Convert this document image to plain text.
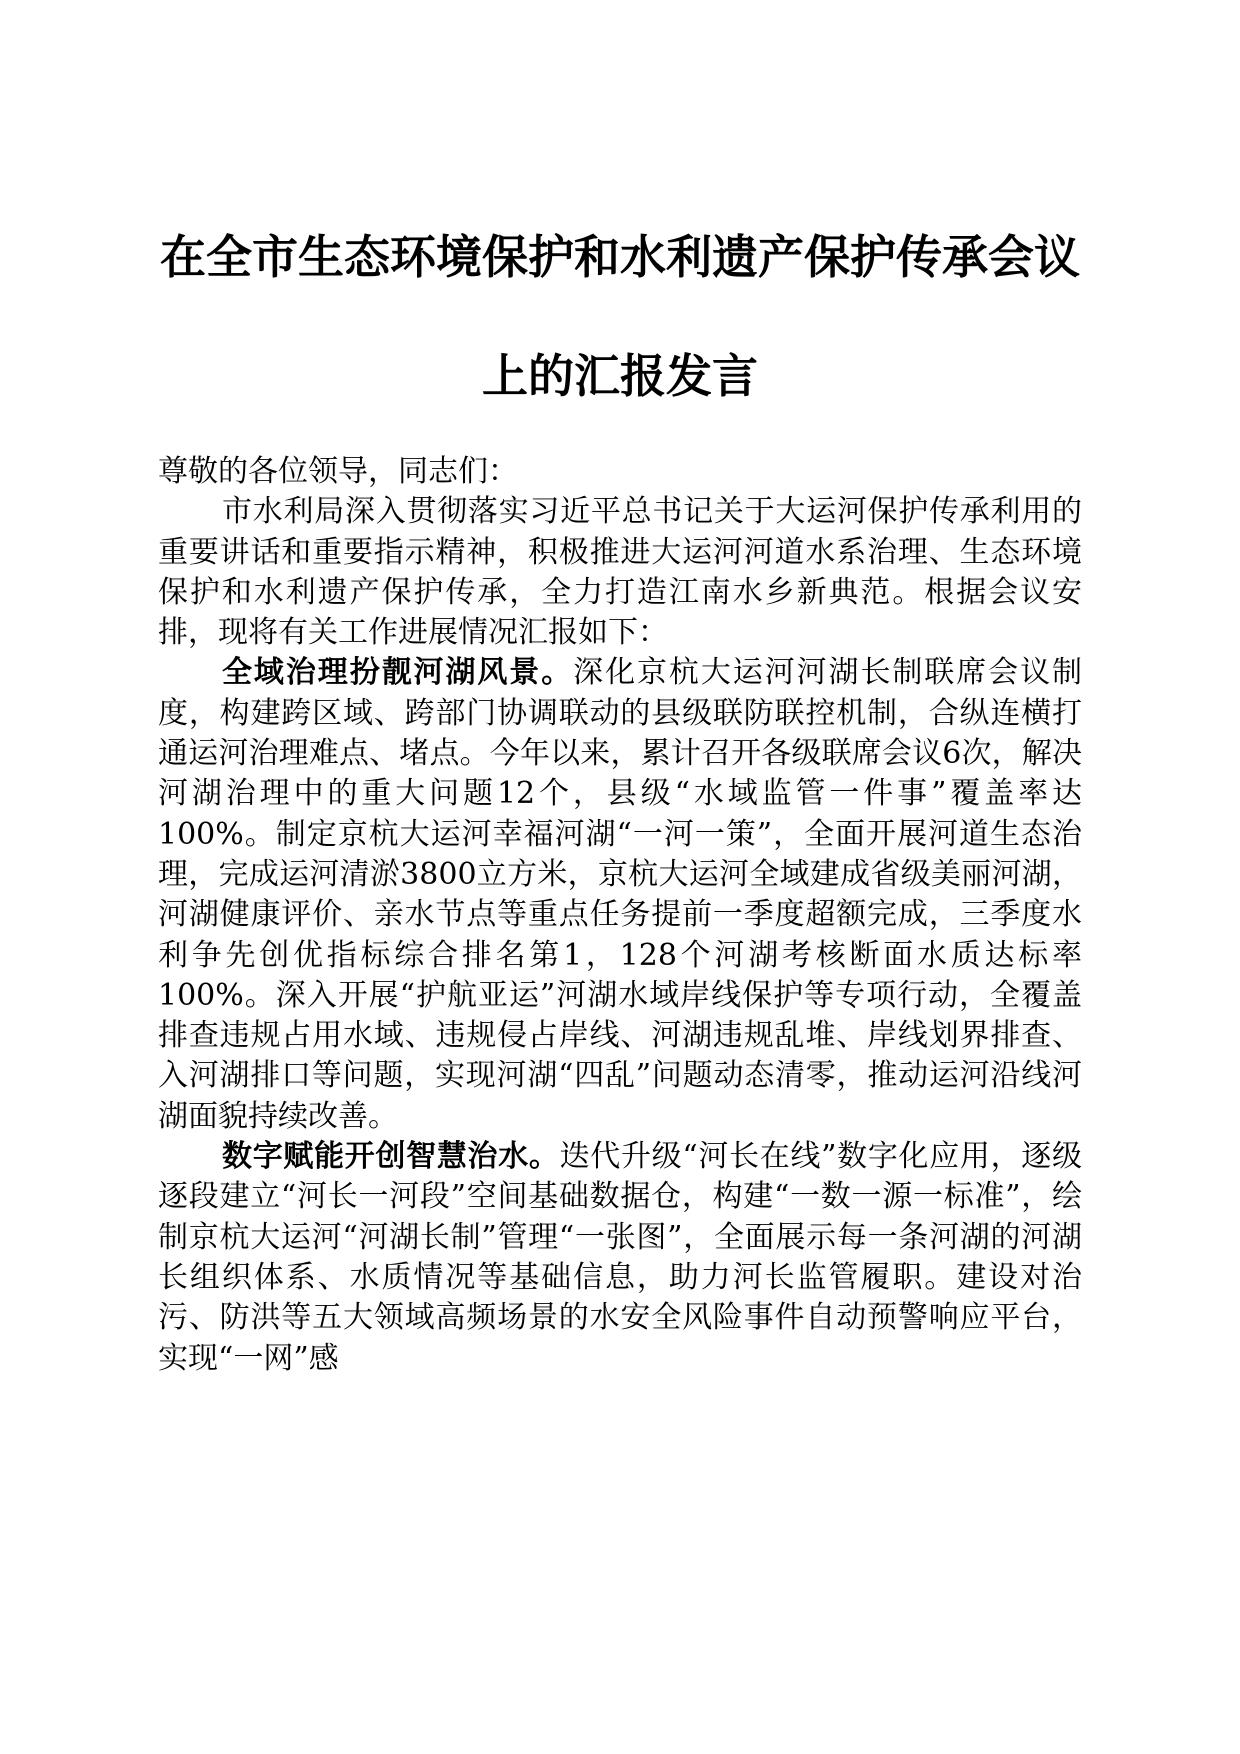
在全市生态环境保护和水利遗产保护传承会议
上的汇报发言

尊敬的各位领导，同志们：

市水利局深入贯彻落实习近平总书记关于大运河保护传承利用的重要讲话和重要指示精神，积极推进大运河河道水系治理、生态环境保护和水利遗产保护传承，全力打造江南水乡新典范。根据会议安排，现将有关工作进展情况汇报如下：

全域治理扮靓河湖风景。深化京杭大运河河湖长制联席会议制度，构建跨区域、跨部门协调联动的县级联防联控机制，合纵连横打通运河治理难点、堵点。今年以来，累计召开各级联席会议6次，解决河湖治理中的重大问题12个，县级“水域监管一件事”覆盖率达100%。制定京杭大运河幸福河湖“一河一策”，全面开展河道生态治理，完成运河清淤3800立方米，京杭大运河全域建成省级美丽河湖，河湖健康评价、亲水节点等重点任务提前一季度超额完成，三季度水利争先创优指标综合排名第1，128个河湖考核断面水质达标率100%。深入开展“护航亚运”河湖水域岸线保护等专项行动，全覆盖排查违规占用水域、违规侵占岸线、河湖违规乱堆、岸线划界排查、入河湖排口等问题，实现河湖“四乱”问题动态清零，推动运河沿线河湖面貌持续改善。

数字赋能开创智慧治水。迭代升级“河长在线”数字化应用，逐级逐段建立“河长一河段”空间基础数据仓，构建“一数一源一标准”，绘制京杭大运河“河湖长制”管理“一张图”，全面展示每一条河湖的河湖长组织体系、水质情况等基础信息，助力河长监管履职。建设对治污、防洪等五大领域高频场景的水安全风险事件自动预警响应平台，实现“一网”感
